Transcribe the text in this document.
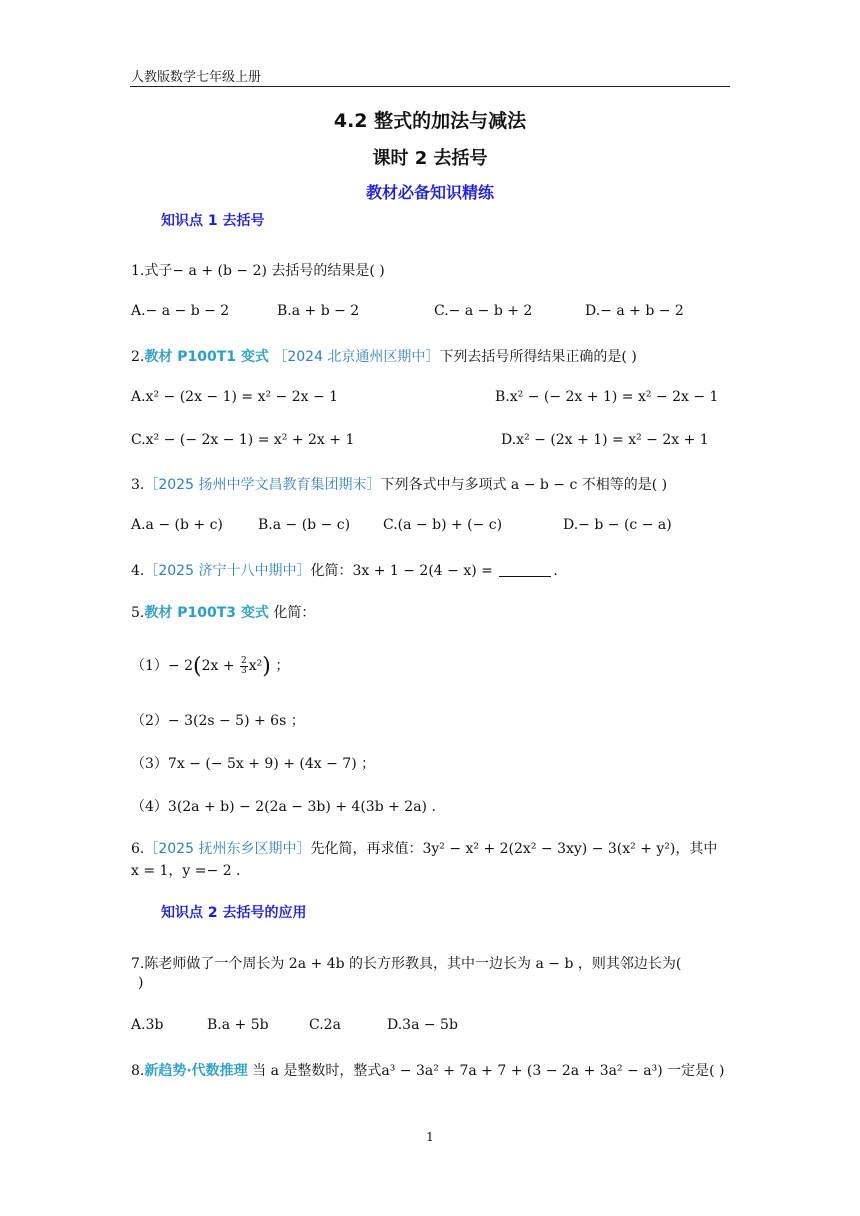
人教版数学七年级上册
4.2 整式的加法与减法
课时 2 去括号
教材必备知识精练
知识点 1 去括号
1.式子− a + (b − 2) 去括号的结果是( )
A.− a − b − 2	B.a + b − 2	C.− a − b + 2	D.− a + b − 2
2.教材 P100T1 变式 ［2024 北京通州区期中］下列去括号所得结果正确的是( )
A.x² − (2x − 1) = x² − 2x − 1	B.x² − (− 2x + 1) = x² − 2x − 1
C.x² − (− 2x − 1) = x² + 2x + 1	D.x² − (2x + 1) = x² − 2x + 1
3.［2025 扬州中学文昌教育集团期末］下列各式中与多项式 a − b − c 不相等的是( )
A.a − (b + c)	B.a − (b − c) C.(a − b) + (− c)	D.− b − (c − a)
4.［2025 济宁十八中期中］化简：3x + 1 − 2(4 − x) =	.
5.教材 P100T3 变式 化简：
$(1)- 2(2x + \frac{2}{3} x^2)$ ；
（2）− 3(2s − 5) + 6s ；
（3）7x − (− 5x + 9) + (4x − 7) ；
（4）3(2a + b) − 2(2a − 3b) + 4(3b + 2a) .
6.［2025 抚州东乡区期中］先化简，再求值：3y² − x² + 2(2x² − 3xy) − 3(x² + y²)，其中
x = 1，y =− 2 .
知识点 2 去括号的应用
7.陈老师做了一个周长为 2a + 4b 的长方形教具，其中一边长为 a − b ，则其邻边长为(
)
A.3b	B.a + 5b	C.2a	D.3a − 5b
8.新趋势·代数推理 当 a 是整数时，整式a³ − 3a² + 7a + 7 + (3 − 2a + 3a² − a³) 一定是( )
1
